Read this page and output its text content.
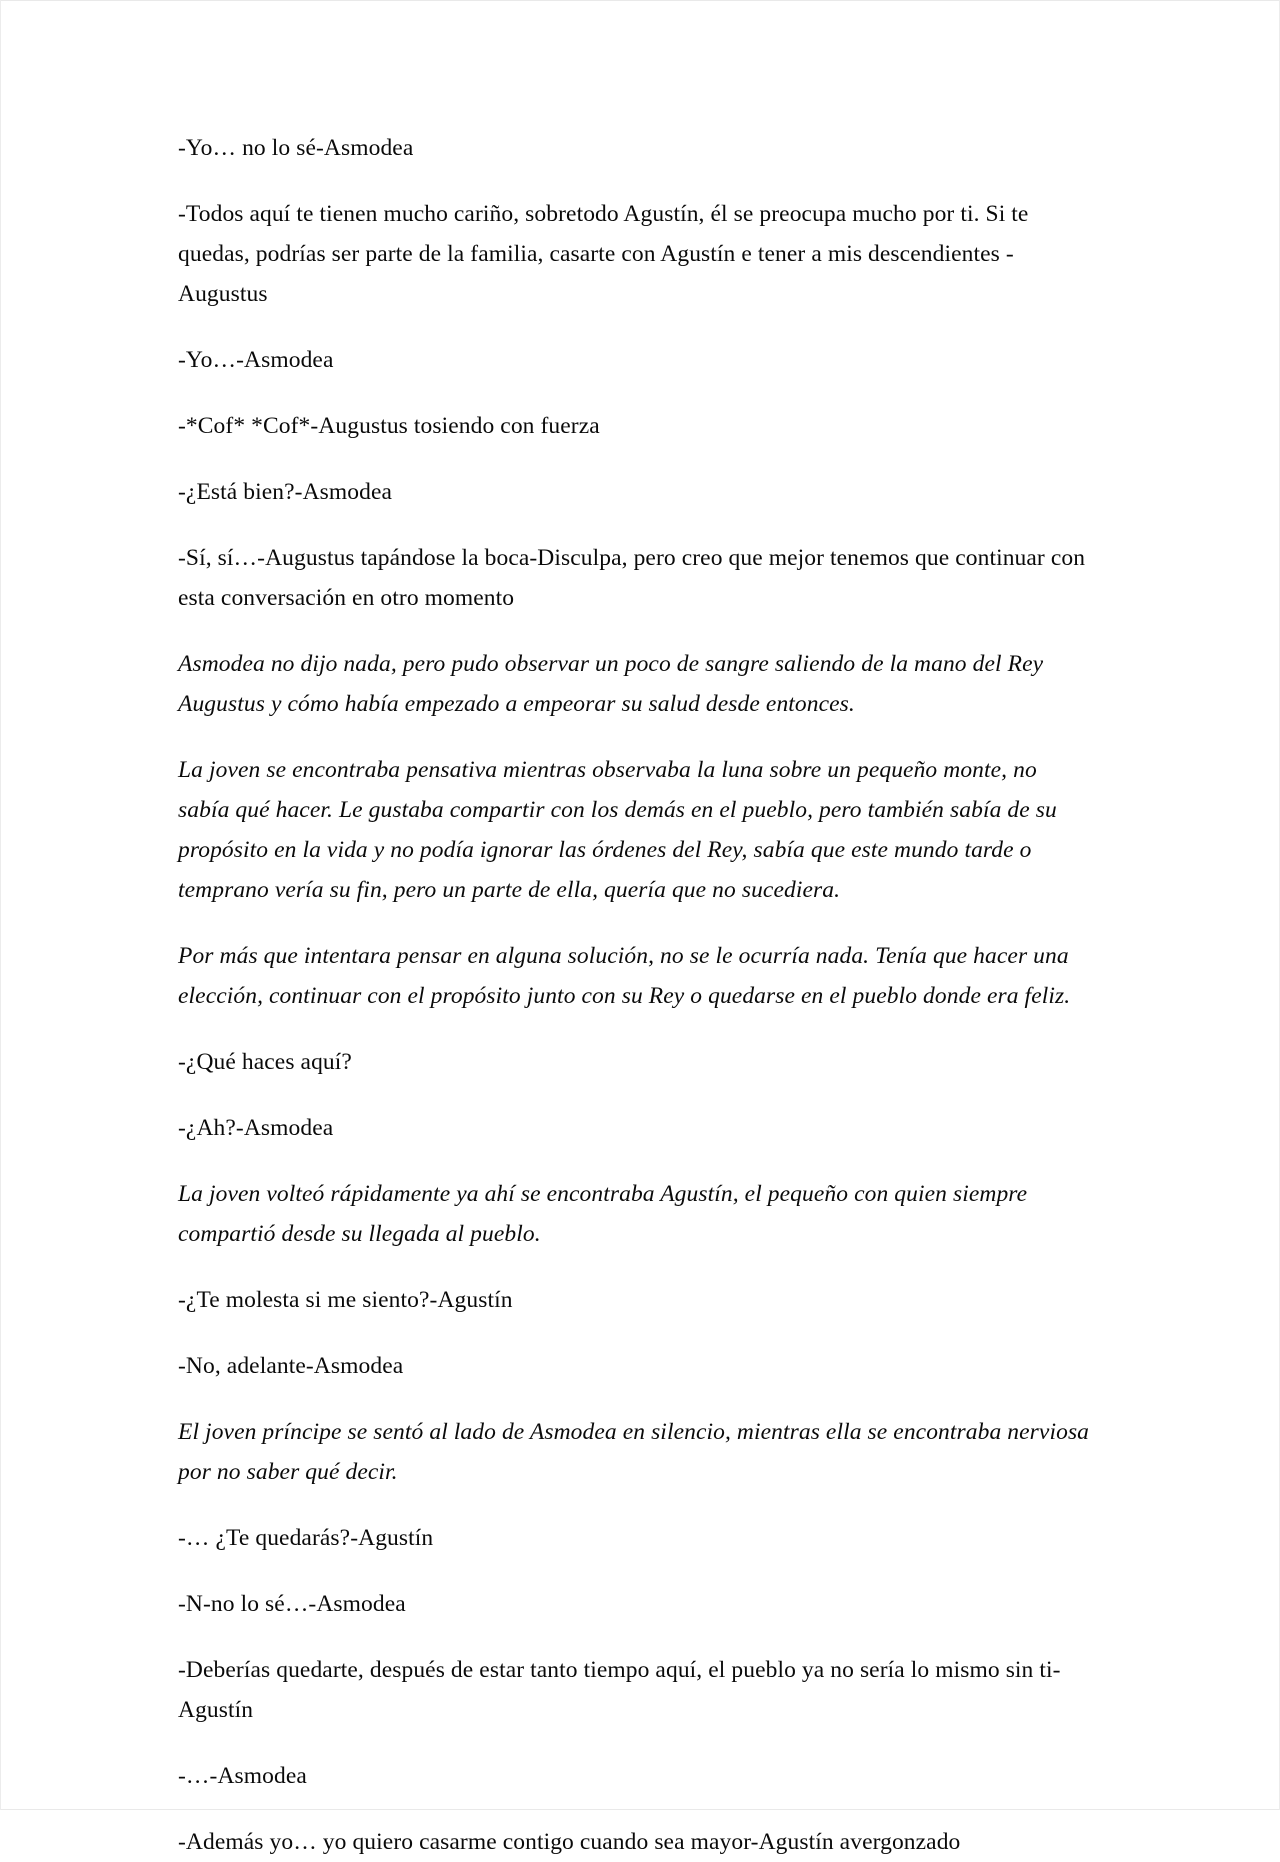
-Yo… no lo sé-Asmodea

-Todos aquí te tienen mucho cariño, sobretodo Agustín, él se preocupa mucho por ti. Si te quedas, podrías ser parte de la familia, casarte con Agustín e tener a mis descendientes -Augustus

-Yo…-Asmodea

-*Cof* *Cof*-Augustus tosiendo con fuerza

-¿Está bien?-Asmodea

-Sí, sí…-Augustus tapándose la boca-Disculpa, pero creo que mejor tenemos que continuar con esta conversación en otro momento

Asmodea no dijo nada, pero pudo observar un poco de sangre saliendo de la mano del Rey Augustus y cómo había empezado a empeorar su salud desde entonces.

La joven se encontraba pensativa mientras observaba la luna sobre un pequeño monte, no sabía qué hacer. Le gustaba compartir con los demás en el pueblo, pero también sabía de su propósito en la vida y no podía ignorar las órdenes del Rey, sabía que este mundo tarde o temprano vería su fin, pero un parte de ella, quería que no sucediera.

Por más que intentara pensar en alguna solución, no se le ocurría nada. Tenía que hacer una elección, continuar con el propósito junto con su Rey o quedarse en el pueblo donde era feliz.

-¿Qué haces aquí?

-¿Ah?-Asmodea

La joven volteó rápidamente ya ahí se encontraba Agustín, el pequeño con quien siempre compartió desde su llegada al pueblo.

-¿Te molesta si me siento?-Agustín

-No, adelante-Asmodea

El joven príncipe se sentó al lado de Asmodea en silencio, mientras ella se encontraba nerviosa por no saber qué decir.

-… ¿Te quedarás?-Agustín

-N-no lo sé…-Asmodea

-Deberías quedarte, después de estar tanto tiempo aquí, el pueblo ya no sería lo mismo sin ti-Agustín

-…-Asmodea

-Además yo… yo quiero casarme contigo cuando sea mayor-Agustín avergonzado
